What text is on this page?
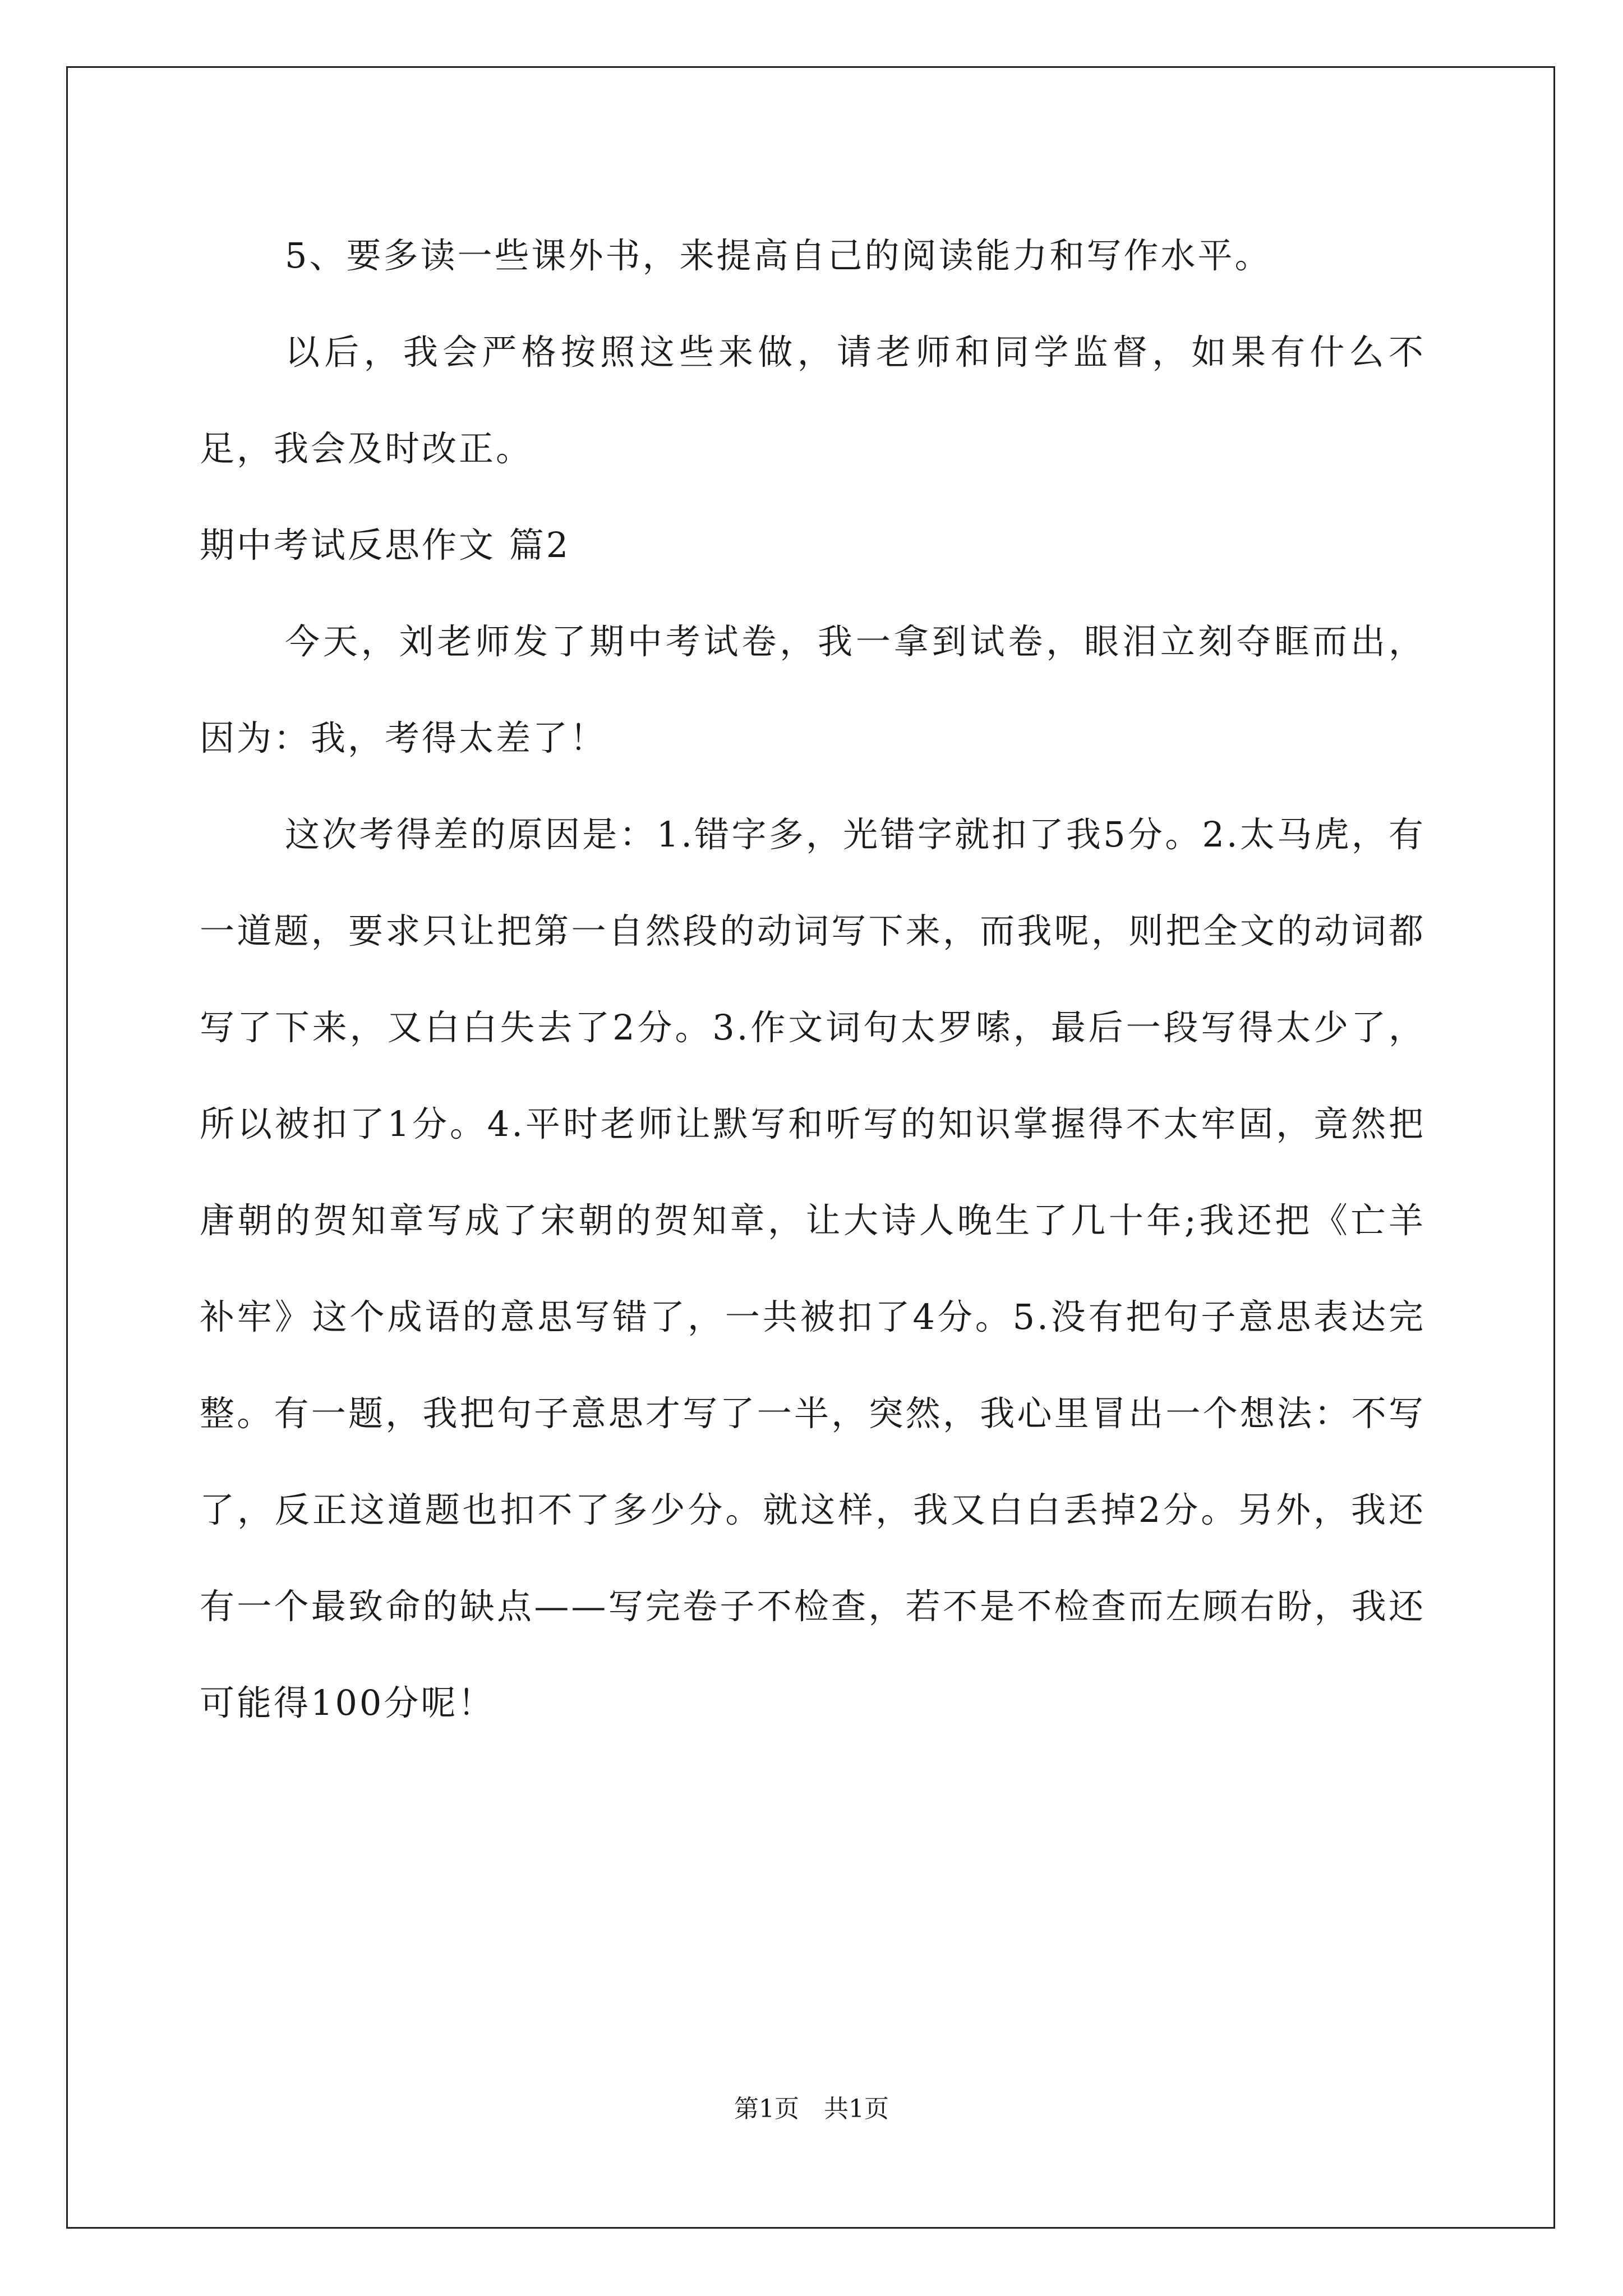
5、要多读一些课外书，来提高自己的阅读能力和写作水平。

以后，我会严格按照这些来做，请老师和同学监督，如果有什么不足，我会及时改正。

期中考试反思作文 篇2

今天，刘老师发了期中考试卷，我一拿到试卷，眼泪立刻夺眶而出，因为：我，考得太差了！

这次考得差的原因是：1.错字多，光错字就扣了我5分。2.太马虎，有一道题，要求只让把第一自然段的动词写下来，而我呢，则把全文的动词都写了下来，又白白失去了2分。3.作文词句太罗嗦，最后一段写得太少了，所以被扣了1分。4.平时老师让默写和听写的知识掌握得不太牢固，竟然把唐朝的贺知章写成了宋朝的贺知章，让大诗人晚生了几十年;我还把《亡羊补牢》这个成语的意思写错了，一共被扣了4分。5.没有把句子意思表达完整。有一题，我把句子意思才写了一半，突然，我心里冒出一个想法：不写了，反正这道题也扣不了多少分。就这样，我又白白丢掉2分。另外，我还有一个最致命的缺点——写完卷子不检查，若不是不检查而左顾右盼，我还可能得100分呢！

第1页　共1页
